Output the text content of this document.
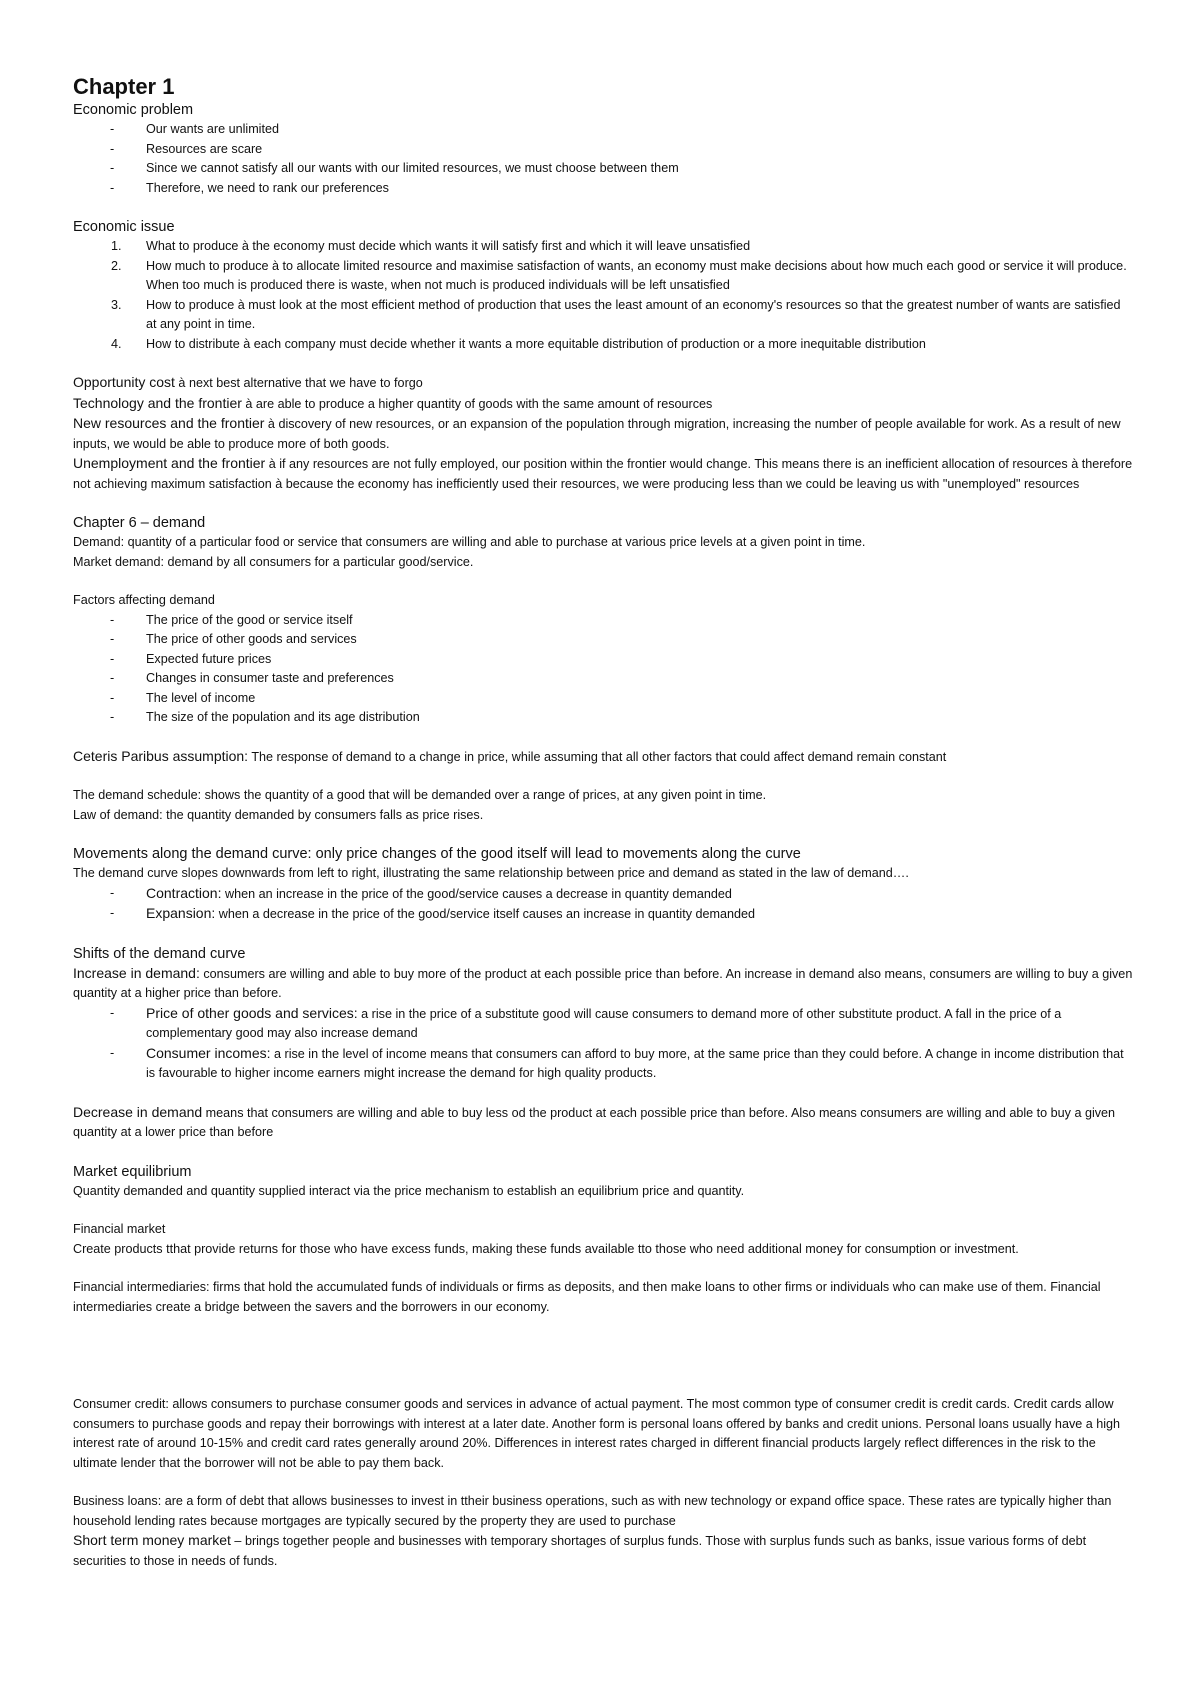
Chapter 1

Economic problem

- Our wants are unlimited
- Resources are scare
- Since we cannot satisfy all our wants with our limited resources, we must choose between them
- Therefore, we need to rank our preferences

Economic issue

1. What to produce à the economy must decide which wants it will satisfy first and which it will leave unsatisfied
2. How much to produce à to allocate limited resource and maximise satisfaction of wants, an economy must make decisions about how much each good or service it will produce. When too much is produced there is waste, when not much is produced individuals will be left unsatisfied
3. How to produce à must look at the most efficient method of production that uses the least amount of an economy's resources so that the greatest number of wants are satisfied at any point in time.
4. How to distribute à each company must decide whether it wants a more equitable distribution of production or a more inequitable distribution

Opportunity cost à next best alternative that we have to forgo

Technology and the frontier à are able to produce a higher quantity of goods with the same amount of resources

New resources and the frontier à discovery of new resources, or an expansion of the population through migration, increasing the number of people available for work. As a result of new inputs, we would be able to produce more of both goods.

Unemployment and the frontier à if any resources are not fully employed, our position within the frontier would change. This means there is an inefficient allocation of resources à therefore not achieving maximum satisfaction à because the economy has inefficiently used their resources, we were producing less than we could be leaving us with "unemployed" resources

Chapter 6 – demand

Demand: quantity of a particular food or service that consumers are willing and able to purchase at various price levels at a given point in time.

Market demand: demand by all consumers for a particular good/service.

Factors affecting demand

- The price of the good or service itself
- The price of other goods and services
- Expected future prices
- Changes in consumer taste and preferences
- The level of income
- The size of the population and its age distribution

Ceteris Paribus assumption: The response of demand to a change in price, while assuming that all other factors that could affect demand remain constant

The demand schedule: shows the quantity of a good that will be demanded over a range of prices, at any given point in time.

Law of demand: the quantity demanded by consumers falls as price rises.

Movements along the demand curve: only price changes of the good itself will lead to movements along the curve

The demand curve slopes downwards from left to right, illustrating the same relationship between price and demand as stated in the law of demand….

- Contraction: when an increase in the price of the good/service causes a decrease in quantity demanded
- Expansion: when a decrease in the price of the good/service itself causes an increase in quantity demanded

Shifts of the demand curve

Increase in demand: consumers are willing and able to buy more of the product at each possible price than before. An increase in demand also means, consumers are willing to buy a given quantity at a higher price than before.

- Price of other goods and services: a rise in the price of a substitute good will cause consumers to demand more of other substitute product. A fall in the price of a complementary good may also increase demand
- Consumer incomes: a rise in the level of income means that consumers can afford to buy more, at the same price than they could before. A change in income distribution that is favourable to higher income earners might increase the demand for high quality products.

Decrease in demand means that consumers are willing and able to buy less od the product at each possible price than before. Also means consumers are willing and able to buy a given quantity at a lower price than before

Market equilibrium

Quantity demanded and quantity supplied interact via the price mechanism to establish an equilibrium price and quantity.

Financial market

Create products tthat provide returns for those who have excess funds, making these funds available tto those who need additional money for consumption or investment.

Financial intermediaries: firms that hold the accumulated funds of individuals or firms as deposits, and then make loans to other firms or individuals who can make use of them. Financial intermediaries create a bridge between the savers and the borrowers in our economy.

Consumer credit: allows consumers to purchase consumer goods and services in advance of actual payment. The most common type of consumer credit is credit cards. Credit cards allow consumers to purchase goods and repay their borrowings with interest at a later date. Another form is personal loans offered by banks and credit unions. Personal loans usually have a high interest rate of around 10-15% and credit card rates generally around 20%. Differences in interest rates charged in different financial products largely reflect differences in the risk to the ultimate lender that the borrower will not be able to pay them back.

Business loans: are a form of debt that allows businesses to invest in ttheir business operations, such as with new technology or expand office space. These rates are typically higher than household lending rates because mortgages are typically secured by the property they are used to purchase

Short term money market – brings together people and businesses with temporary shortages of surplus funds. Those with surplus funds such as banks, issue various forms of debt securities to those in needs of funds.
